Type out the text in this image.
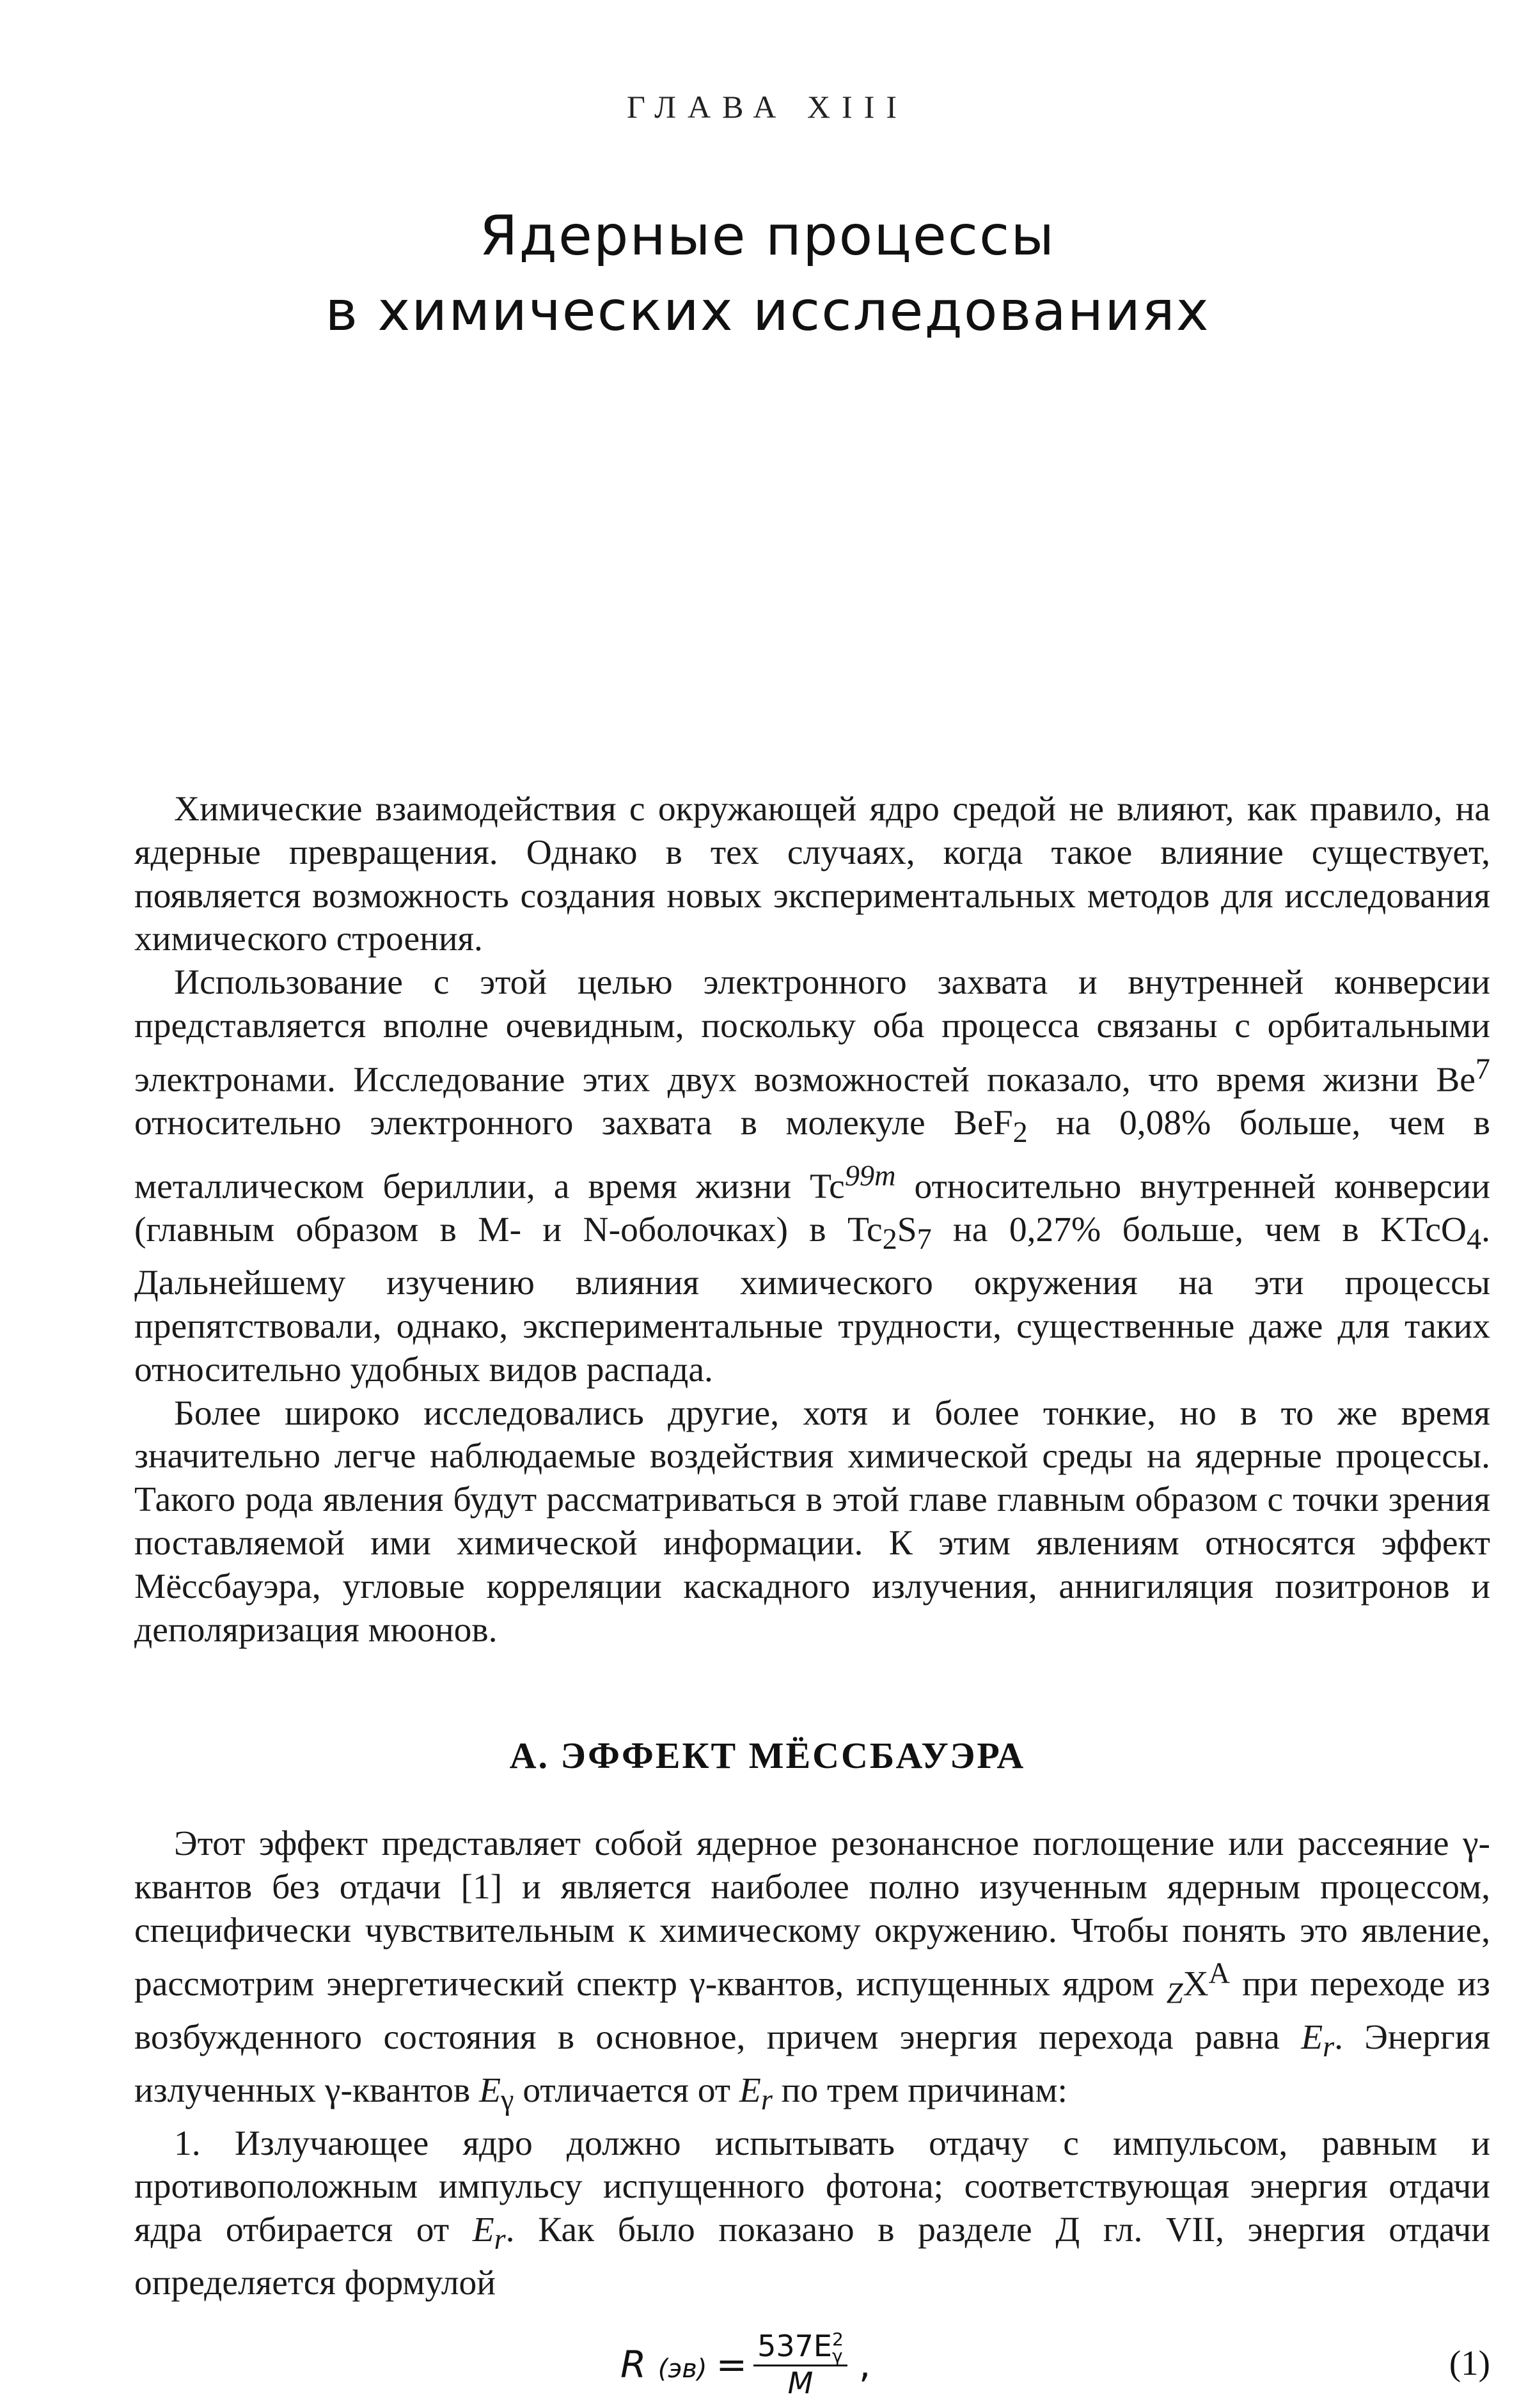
ГЛАВА XIII
Ядерные процессы
в химических исследованиях

Химические взаимодействия с окружающей ядро средой не влияют, как правило, на ядерные превращения. Однако в тех случаях, когда такое влияние существует, появляется возможность создания новых экспериментальных методов для исследования химического строения.

Использование с этой целью электронного захвата и внутренней конверсии представляется вполне очевидным, поскольку оба процесса связаны с орбитальными электронами. Исследование этих двух возможностей показало, что время жизни Be$^7$ относительно электронного захвата в молекуле BeF$_2$ на 0,08% больше, чем в металлическом бериллии, а время жизни $Tc^{99m}$ относительно внутренней конверсии (главным образом в M- и N-оболочках) в $Tc_2S_7$ на 0,27% больше, чем в KTcO$_4$. Дальнейшему изучению влияния химического окружения на эти процессы препятствовали, однако, экспериментальные трудности, существенные даже для таких относительно удобных видов распада.

Более широко исследовались другие, хотя и более тонкие, но в то же время значительно легче наблюдаемые воздействия химической среды на ядерные процессы. Такого рода явления будут рассматриваться в этой главе главным образом с точки зрения поставляемой ими химической информации. К этим явлениям относятся эффект Мёссбауэра, угловые корреляции каскадного излучения, аннигиляция позитронов и деполяризация мюонов.

А. ЭФФЕКТ МЁССБАУЭРА

Этот эффект представляет собой ядерное резонансное поглощение или рассеяние γ-квантов без отдачи [1] и является наиболее полно изученным ядерным процессом, специфически чувствительным к химическому окружению. Чтобы понять это явление, рассмотрим энергетический спектр γ-квантов, испущенных ядром $_ZX^A$ при переходе из возбужденного состояния в основное, причем энергия перехода равна $E_r$. Энергия излученных γ-квантов $E_\gamma$ отличается от $E_r$ по трем причинам:

1. Излучающее ядро должно испытывать отдачу с импульсом, равным и противоположным импульсу испущенного фотона; соответствующая энергия отдачи ядра отбирается от $E_r$. Как было показано в разделе Д гл. VII, энергия отдачи определяется формулой

R (эв) = 537E 2
γ
M ,	(1)
